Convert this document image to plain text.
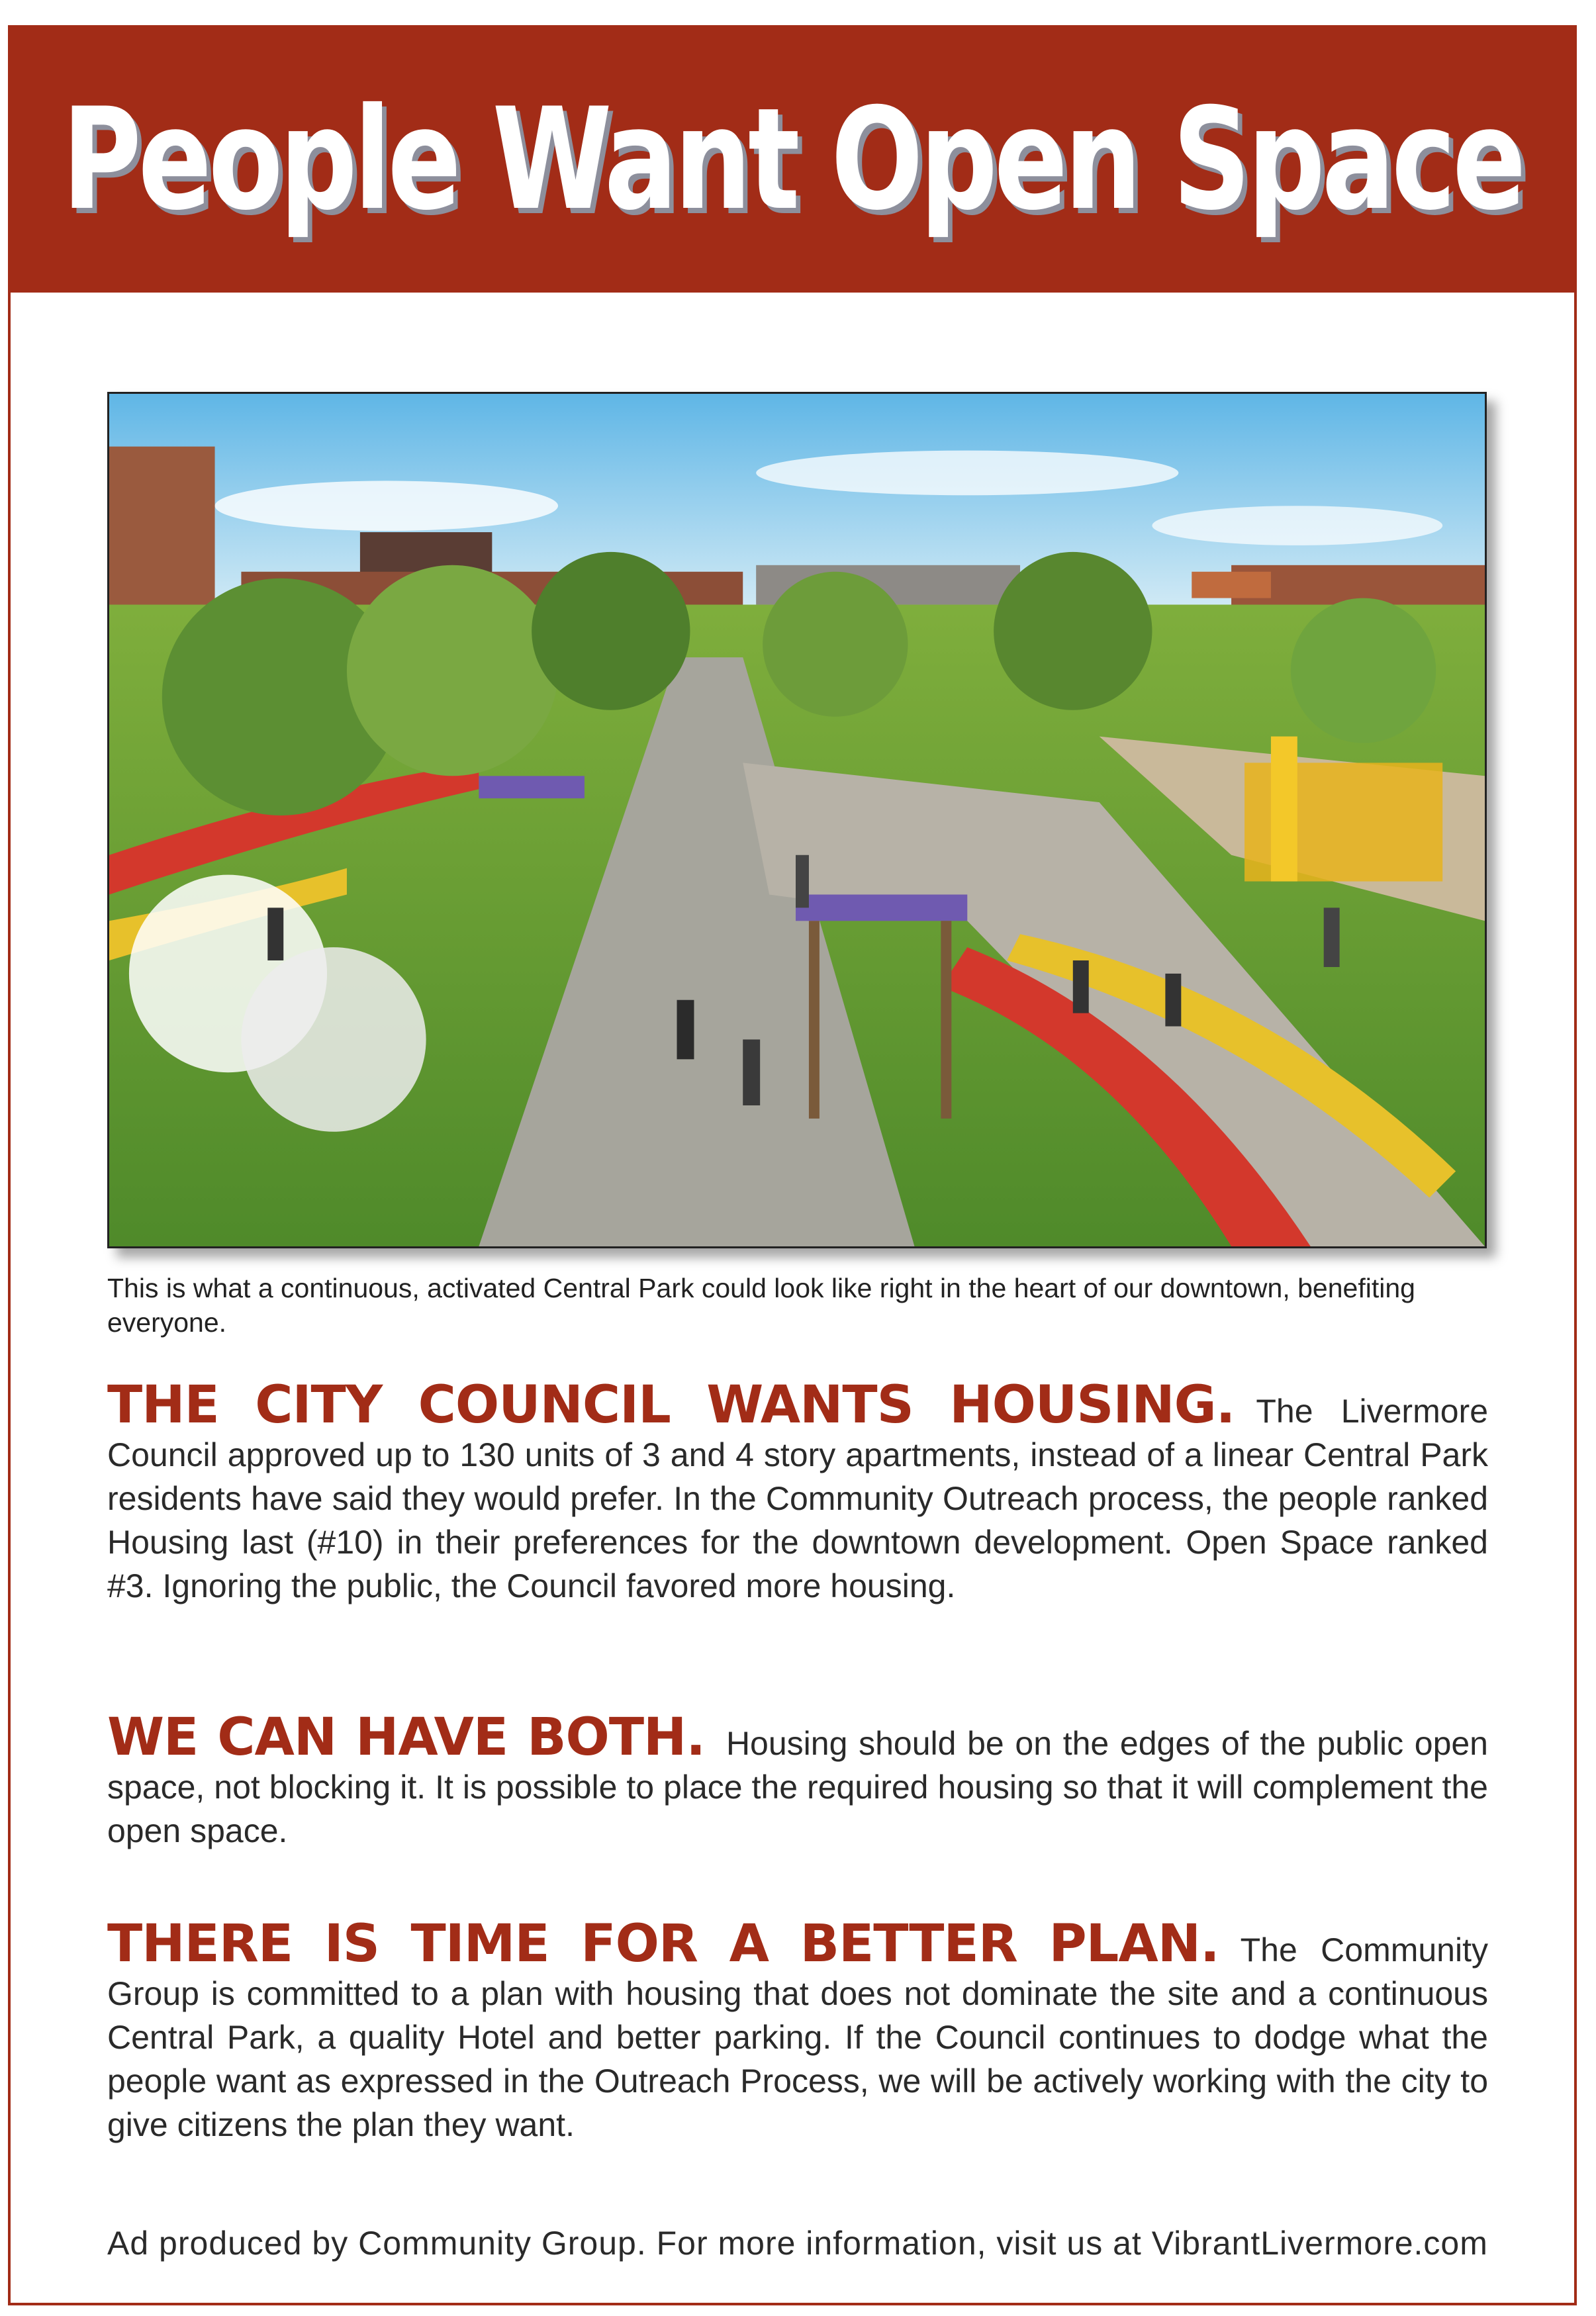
People Want Open Space
This is what a continuous, activated Central Park could look like right in the heart of our downtown, benefiting everyone.
THE CITY COUNCIL WANTS HOUSING. The Livermore Council approved up to 130 units of 3 and 4 story apartments, instead of a linear Central Park residents have said they would prefer. In the Community Outreach process, the people ranked Housing last (#10) in their preferences for the downtown development. Open Space ranked #3. Ignoring the public, the Council favored more housing.
WE CAN HAVE BOTH. Housing should be on the edges of the public open space, not blocking it. It is possible to place the required housing so that it will complement the open space.
THERE IS TIME FOR A BETTER PLAN. The Community Group is committed to a plan with housing that does not dominate the site and a continuous Central Park, a quality Hotel and better parking. If the Council continues to dodge what the people want as expressed in the Outreach Process, we will be actively working with the city to give citizens the plan they want.
Ad produced by Community Group. For more information, visit us at VibrantLivermore.com
